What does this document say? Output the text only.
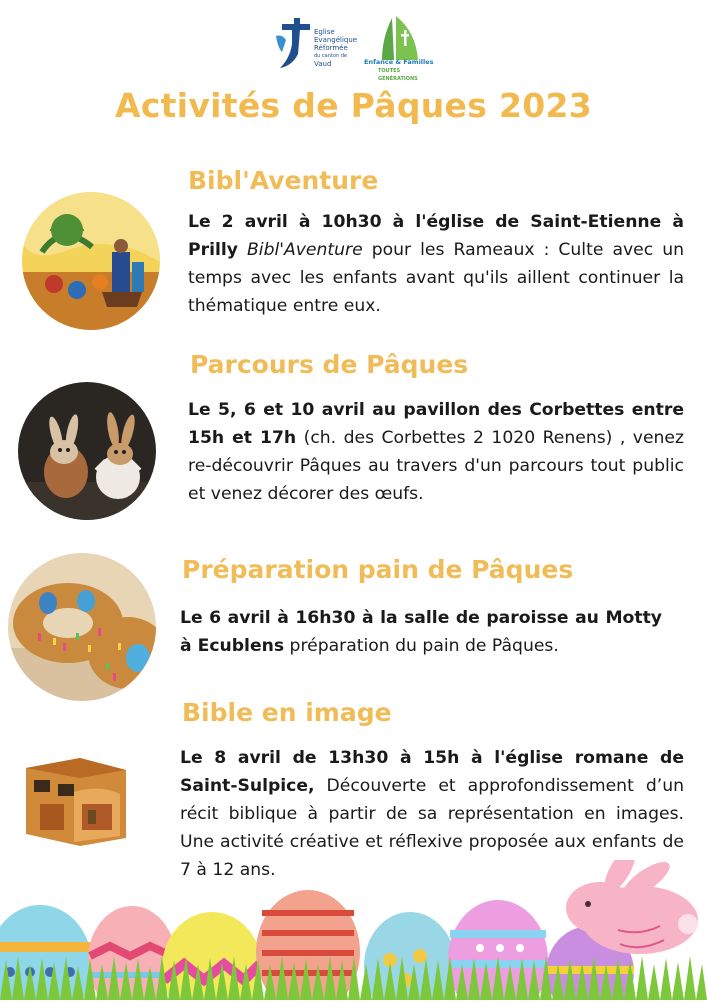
Eglise
Evangélique
Réformée
du canton de
Vaud	Enfance & Familles
TOUTES GÉNÉRATIONS
Activités de Pâques 2023
Bibl'Aventure
Le 2 avril à 10h30 à l'église de Saint-Etienne à Prilly Bibl'Aventure pour les Rameaux : Culte avec un temps avec les enfants avant qu'ils aillent continuer la thématique entre eux.
Parcours de Pâques
Le 5, 6 et 10 avril au pavillon des Corbettes entre 15h et 17h (ch. des Corbettes 2 1020 Renens) , venez re-découvrir Pâques au travers d'un parcours tout public et venez décorer des œufs.
Préparation pain de Pâques
Le 6 avril à 16h30 à la salle de paroisse au Motty à Ecublens préparation du pain de Pâques.
Bible en image
Le 8 avril de 13h30 à 15h à l'église romane de Saint-Sulpice, Découverte et approfondissement d’un récit biblique à partir de sa représentation en images. Une activité créative et réflexive proposée aux enfants de 7 à 12 ans.
